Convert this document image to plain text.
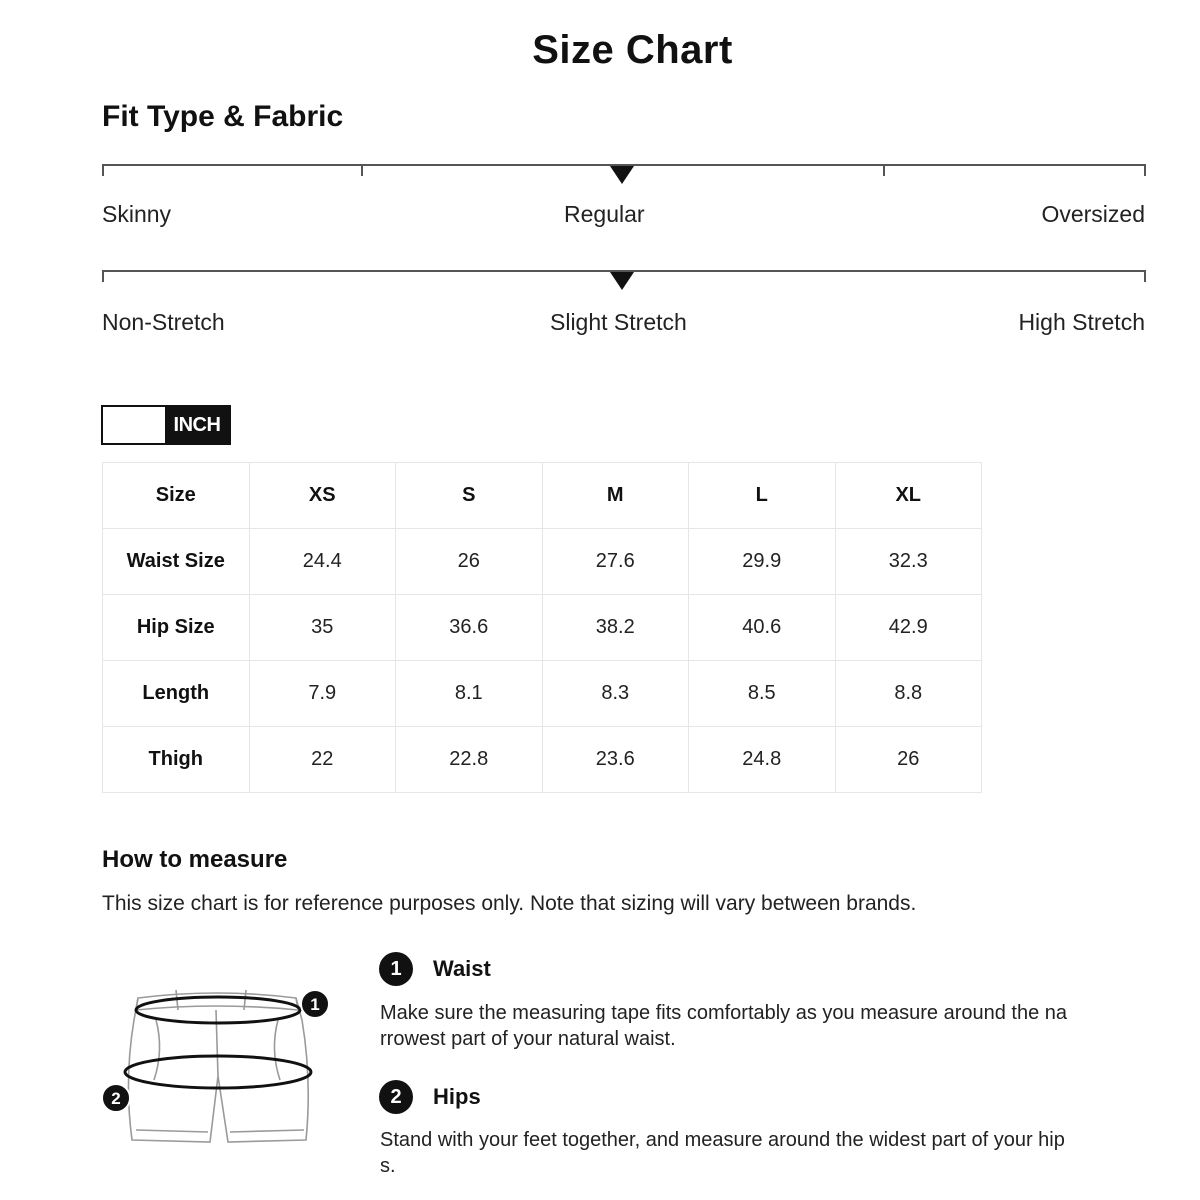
Size Chart
Fit Type & Fabric
Skinny	Regular	Oversized
Non-Stretch	Slight Stretch	High Stretch
INCH
Size	XS	S	M	L	XL
Waist Size	24.4	26	27.6	29.9	32.3
Hip Size	35	36.6	38.2	40.6	42.9
Length	7.9	8.1	8.3	8.5	8.8
Thigh	22	22.8	23.6	24.8	26
How to measure
This size chart is for reference purposes only. Note that sizing will vary between brands.
1
2
1	Waist
Make sure the measuring tape fits comfortably as you measure around the narrowest part of your natural waist.
2	Hips
Stand with your feet together, and measure around the widest part of your hips.
